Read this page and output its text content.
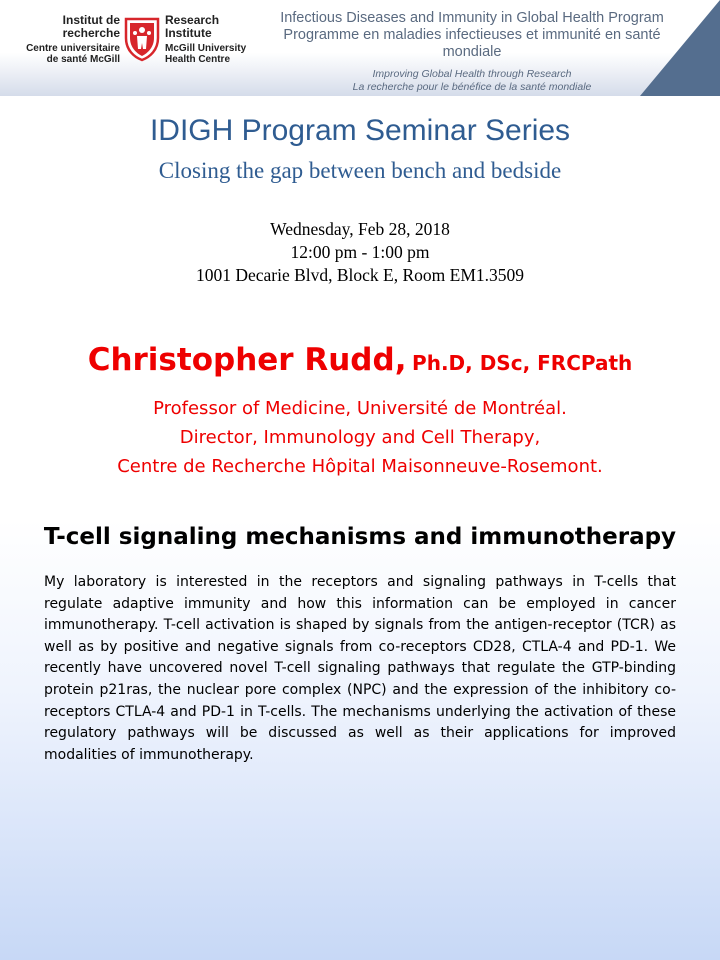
Institut de
recherche
Centre universitaire
de santé McGill
Research
Institute
McGill University
Health Centre
Infectious Diseases and Immunity in Global Health Program
Programme en maladies infectieuses et immunité en santé mondiale
Improving Global Health through Research
La recherche pour le bénéfice de la santé mondiale
IDIGH Program Seminar Series
Closing the gap between bench and bedside
Wednesday, Feb 28, 2018
12:00 pm - 1:00 pm
1001 Decarie Blvd, Block E, Room EM1.3509
Christopher Rudd, Ph.D, DSc, FRCPath
Professor of Medicine, Université de Montréal.
Director, Immunology and Cell Therapy,
Centre de Recherche Hôpital Maisonneuve-Rosemont.
T-cell signaling mechanisms and immunotherapy

My laboratory is interested in the receptors and signaling pathways in T-cells that regulate adaptive immunity and how this information can be employed in cancer immunotherapy. T-cell activation is shaped by signals from the antigen-receptor (TCR) as well as by positive and negative signals from co-receptors CD28, CTLA-4 and PD-1. We recently have uncovered novel T-cell signaling pathways that regulate the GTP-binding protein p21ras, the nuclear pore complex (NPC) and the expression of the inhibitory co-receptors CTLA-4 and PD-1 in T-cells. The mechanisms underlying the activation of these regulatory pathways will be discussed as well as their applications for improved modalities of immunotherapy.
